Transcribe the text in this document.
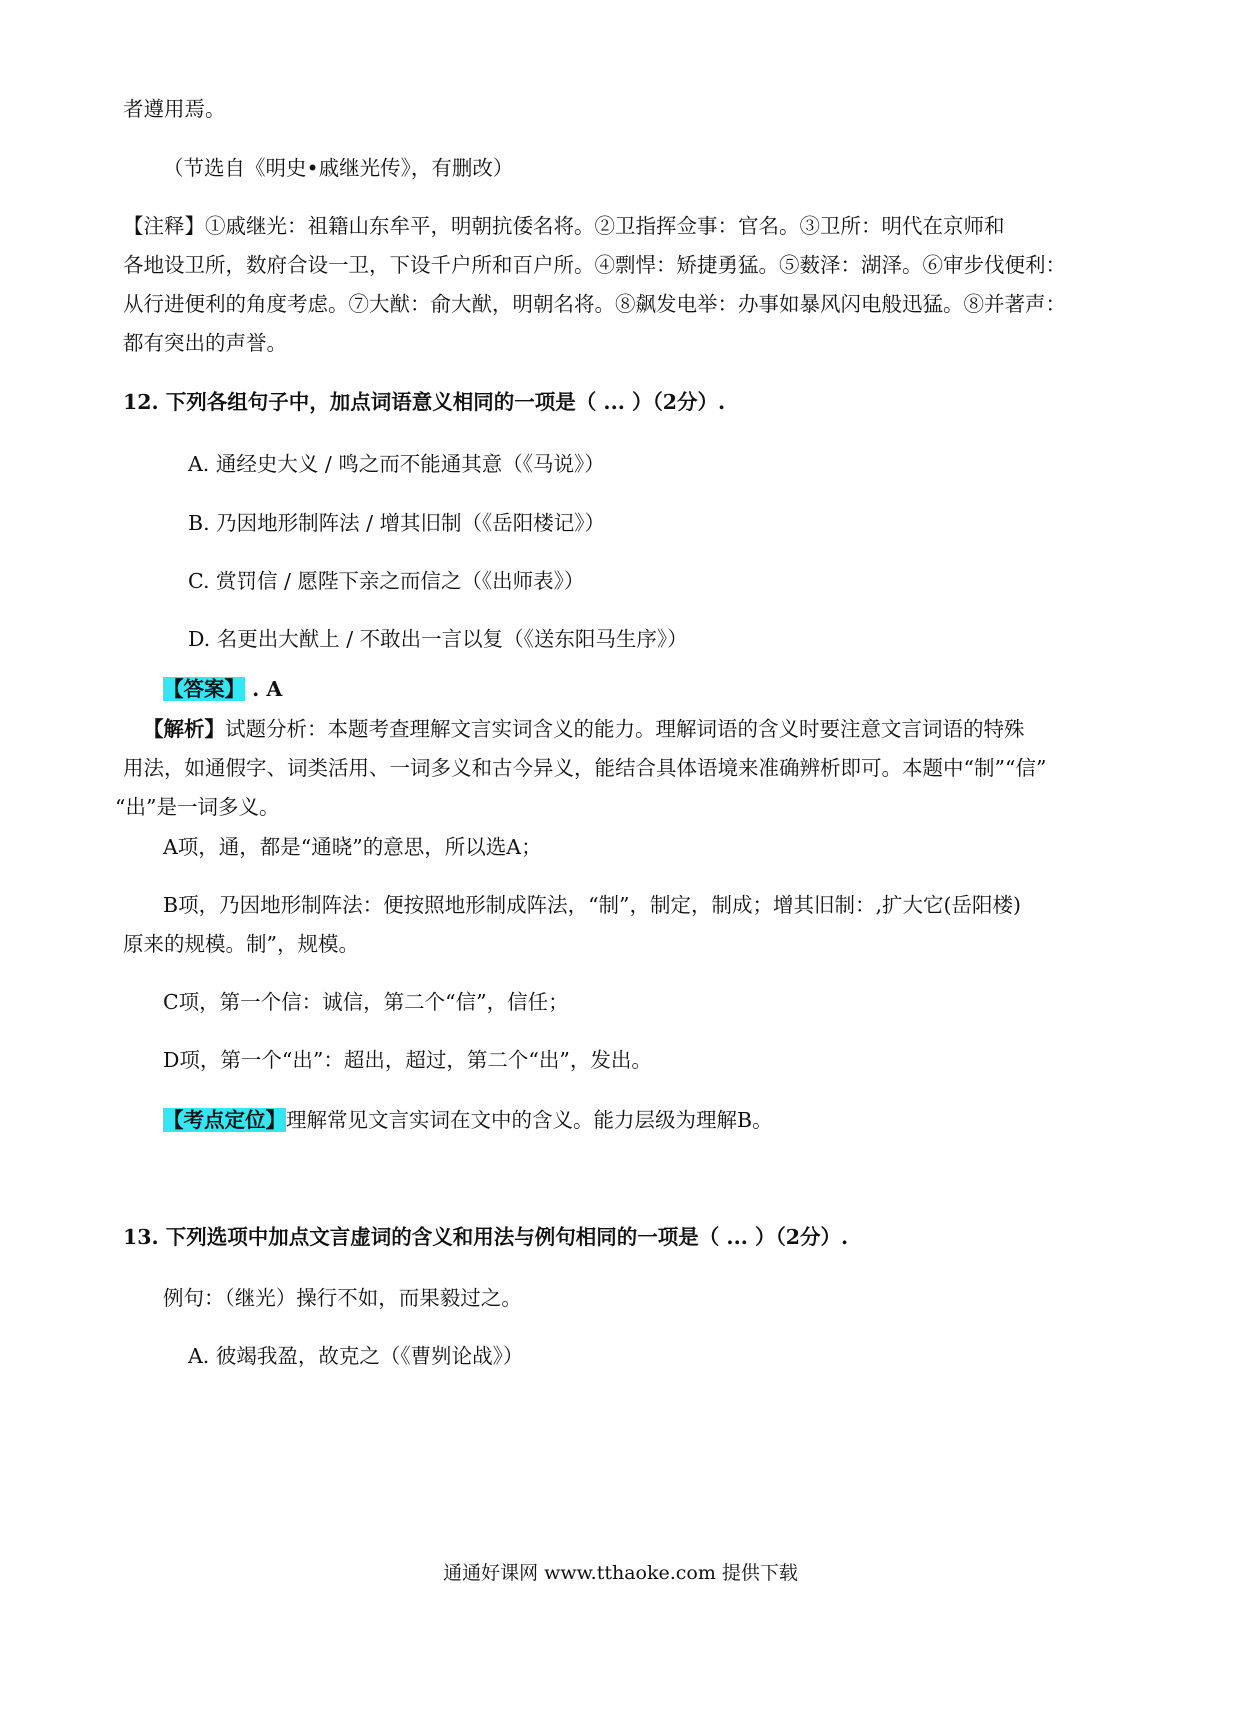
者遵用焉。
（节选自《明史•戚继光传》，有删改）
【注释】①戚继光：祖籍山东牟平，明朝抗倭名将。②卫指挥佥事：官名。③卫所：明代在京师和
各地设卫所，数府合设一卫，下设千户所和百户所。④剽悍：矫捷勇猛。⑤薮泽：湖泽。⑥审步伐便利：
从行进便利的角度考虑。⑦大猷：俞大猷，明朝名将。⑧飙发电举：办事如暴风闪电般迅猛。⑧并著声：
都有突出的声誉。
12. 下列各组句子中，加点词语意义相同的一项是（ ... ）（2分）.
A. 通经史大义 / 鸣之而不能通其意（《马说》）
B. 乃因地形制阵法 / 增其旧制（《岳阳楼记》）
C. 赏罚信 / 愿陛下亲之而信之（《出师表》）
D. 名更出大猷上 / 不敢出一言以复（《送东阳马生序》）
【答案】 . A
【解析】试题分析：本题考查理解文言实词含义的能力。理解词语的含义时要注意文言词语的特殊
用法，如通假字、词类活用、一词多义和古今异义，能结合具体语境来准确辨析即可。本题中“制”“信”
“出”是一词多义。
A项，通，都是“通晓”的意思，所以选A；
B项，乃因地形制阵法：便按照地形制成阵法，“制”，制定，制成；增其旧制：,扩大它(岳阳楼)
原来的规模。制”，规模。
C项，第一个信：诚信，第二个“信”，信任；
D项，第一个“出”：超出，超过，第二个“出”，发出。
【考点定位】理解常见文言实词在文中的含义。能力层级为理解B。
13. 下列选项中加点文言虚词的含义和用法与例句相同的一项是（ ... ）（2分）.
例句：（继光）操行不如，而果毅过之。
A. 彼竭我盈，故克之（《曹刿论战》）
通通好课网 www.tthaoke.com 提供下载
